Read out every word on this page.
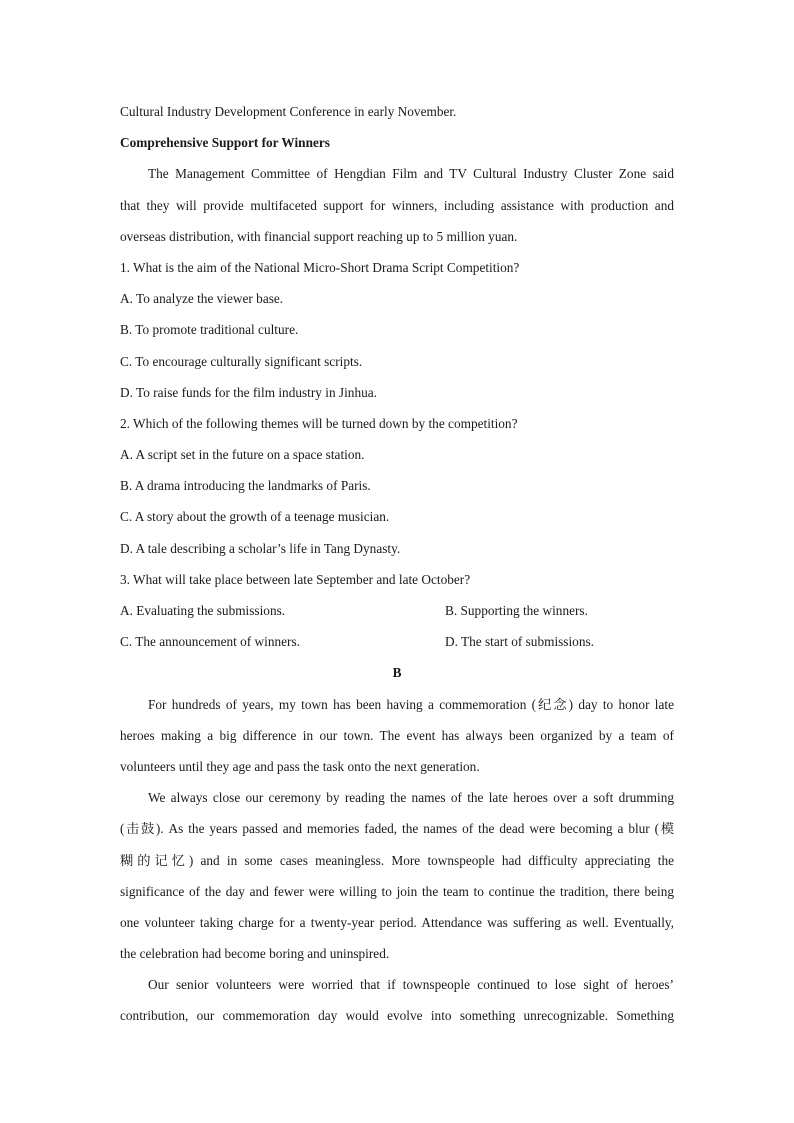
Cultural Industry Development Conference in early November.
Comprehensive Support for Winners
The Management Committee of Hengdian Film and TV Cultural Industry Cluster Zone said
that they will provide multifaceted support for winners, including assistance with production and
overseas distribution, with financial support reaching up to 5 million yuan.
1. What is the aim of the National Micro-Short Drama Script Competition?
A. To analyze the viewer base.
B. To promote traditional culture.
C. To encourage culturally significant scripts.
D. To raise funds for the film industry in Jinhua.
2. Which of the following themes will be turned down by the competition?
A. A script set in the future on a space station.
B. A drama introducing the landmarks of Paris.
C. A story about the growth of a teenage musician.
D. A tale describing a scholar’s life in Tang Dynasty.
3. What will take place between late September and late October?
A. Evaluating the submissions.	B. Supporting the winners.
C. The announcement of winners.	D. The start of submissions.
B
For hundreds of years, my town has been having a commemoration (纪念) day to honor late
heroes making a big difference in our town. The event has always been organized by a team of
volunteers until they age and pass the task onto the next generation.
We always close our ceremony by reading the names of the late heroes over a soft drumming
(击鼓). As the years passed and memories faded, the names of the dead were becoming a blur (模
糊的记忆) and in some cases meaningless. More townspeople had difficulty appreciating the
significance of the day and fewer were willing to join the team to continue the tradition, there being
one volunteer taking charge for a twenty-year period. Attendance was suffering as well. Eventually,
the celebration had become boring and uninspired.
Our senior volunteers were worried that if townspeople continued to lose sight of heroes’
contribution, our commemoration day would evolve into something unrecognizable. Something
